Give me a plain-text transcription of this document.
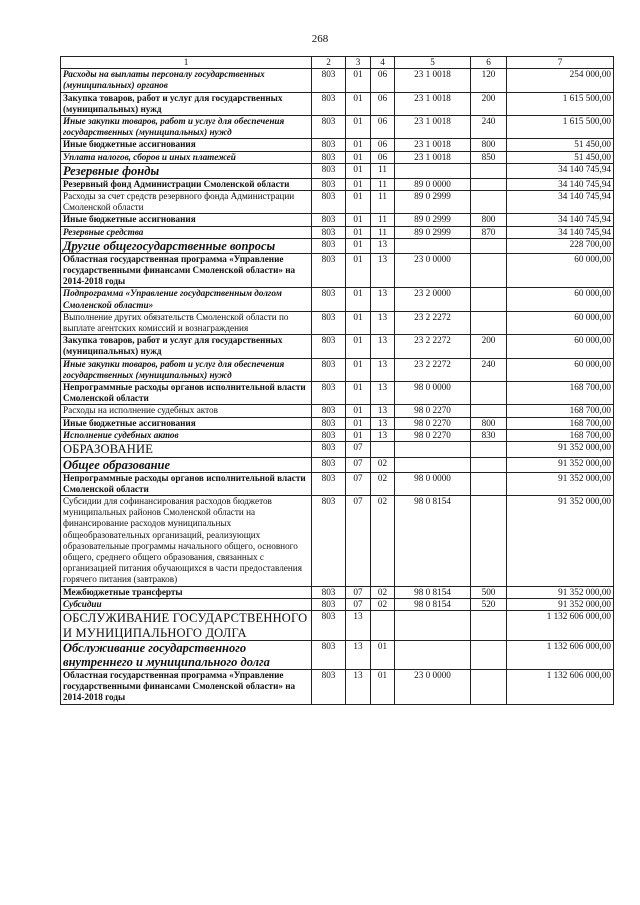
268
1	2	3	4	5	6	7
Расходы на выплаты персоналу государственных (муниципальных) органов	803	01	06	23 1 0018	120	254 000,00
Закупка товаров, работ и услуг для государственных (муниципальных) нужд	803	01	06	23 1 0018	200	1 615 500,00
Иные закупки товаров, работ и услуг для обеспечения государственных (муниципальных) нужд	803	01	06	23 1 0018	240	1 615 500,00
Иные бюджетные ассигнования	803	01	06	23 1 0018	800	51 450,00
Уплата налогов, сборов и иных платежей	803	01	06	23 1 0018	850	51 450,00
Резервные фонды	803	01	11			34 140 745,94
Резервный фонд Администрации Смоленской области	803	01	11	89 0 0000		34 140 745,94
Расходы за счет средств резервного фонда Администрации Смоленской области	803	01	11	89 0 2999		34 140 745,94
Иные бюджетные ассигнования	803	01	11	89 0 2999	800	34 140 745,94
Резервные средства	803	01	11	89 0 2999	870	34 140 745,94
Другие общегосударственные вопросы	803	01	13			228 700,00
Областная государственная программа «Управление государственными финансами Смоленской области» на 2014-2018 годы	803	01	13	23 0 0000		60 000,00
Подпрограмма «Управление государственным долгом Смоленской области»	803	01	13	23 2 0000		60 000,00
Выполнение других обязательств Смоленской области по выплате агентских комиссий и вознаграждения	803	01	13	23 2 2272		60 000,00
Закупка товаров, работ и услуг для государственных (муниципальных) нужд	803	01	13	23 2 2272	200	60 000,00
Иные закупки товаров, работ и услуг для обеспечения государственных (муниципальных) нужд	803	01	13	23 2 2272	240	60 000,00
Непрограммные расходы органов исполнительной власти Смоленской области	803	01	13	98 0 0000		168 700,00
Расходы на исполнение судебных актов	803	01	13	98 0 2270		168 700,00
Иные бюджетные ассигнования	803	01	13	98 0 2270	800	168 700,00
Исполнение судебных актов	803	01	13	98 0 2270	830	168 700,00
ОБРАЗОВАНИЕ	803	07				91 352 000,00
Общее образование	803	07	02			91 352 000,00
Непрограммные расходы органов исполнительной власти Смоленской области	803	07	02	98 0 0000		91 352 000,00
Субсидии для софинансирования расходов бюджетов муниципальных районов Смоленской области на финансирование расходов муниципальных общеобразовательных организаций, реализующих образовательные программы начального общего, основного общего, среднего общего образования, связанных с организацией питания обучающихся в части предоставления горячего питания (завтраков)	803	07	02	98 0 8154		91 352 000,00
Межбюджетные трансферты	803	07	02	98 0 8154	500	91 352 000,00
Субсидии	803	07	02	98 0 8154	520	91 352 000,00
ОБСЛУЖИВАНИЕ ГОСУДАРСТВЕННОГО И МУНИЦИПАЛЬНОГО ДОЛГА	803	13				1 132 606 000,00
Обслуживание государственного внутреннего и муниципального долга	803	13	01			1 132 606 000,00
Областная государственная программа «Управление государственными финансами Смоленской области» на 2014-2018 годы	803	13	01	23 0 0000		1 132 606 000,00
